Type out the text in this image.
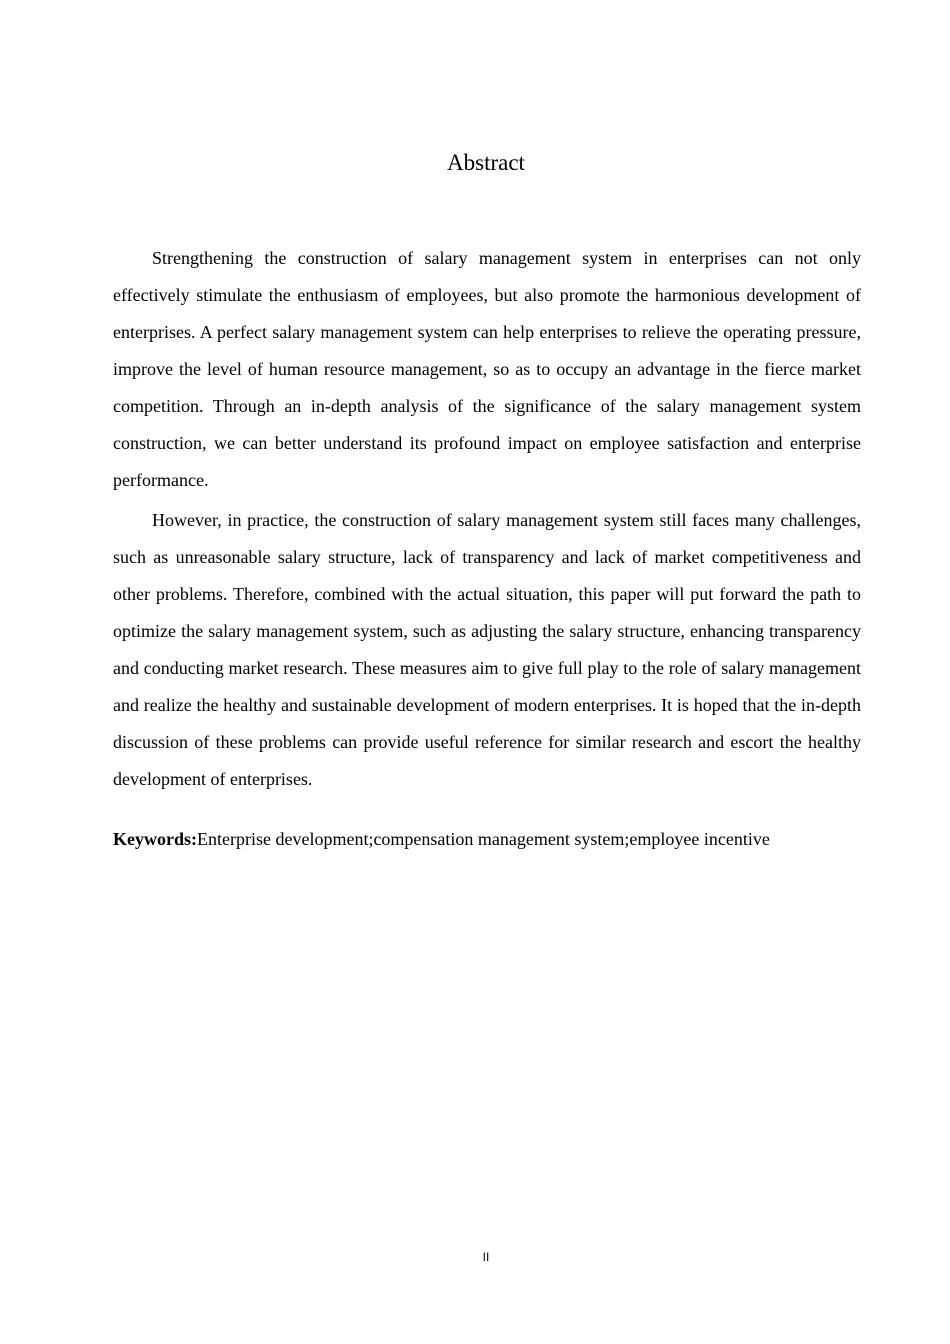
Abstract

Strengthening the construction of salary management system in enterprises can not only effectively stimulate the enthusiasm of employees, but also promote the harmonious development of enterprises. A perfect salary management system can help enterprises to relieve the operating pressure, improve the level of human resource management, so as to occupy an advantage in the fierce market competition. Through an in-depth analysis of the significance of the salary management system construction, we can better understand its profound impact on employee satisfaction and enterprise performance.

However, in practice, the construction of salary management system still faces many challenges, such as unreasonable salary structure, lack of transparency and lack of market competitiveness and other problems. Therefore, combined with the actual situation, this paper will put forward the path to optimize the salary management system, such as adjusting the salary structure, enhancing transparency and conducting market research. These measures aim to give full play to the role of salary management and realize the healthy and sustainable development of modern enterprises. It is hoped that the in-depth discussion of these problems can provide useful reference for similar research and escort the healthy development of enterprises.

Keywords:Enterprise development;compensation management system;employee incentive
II
